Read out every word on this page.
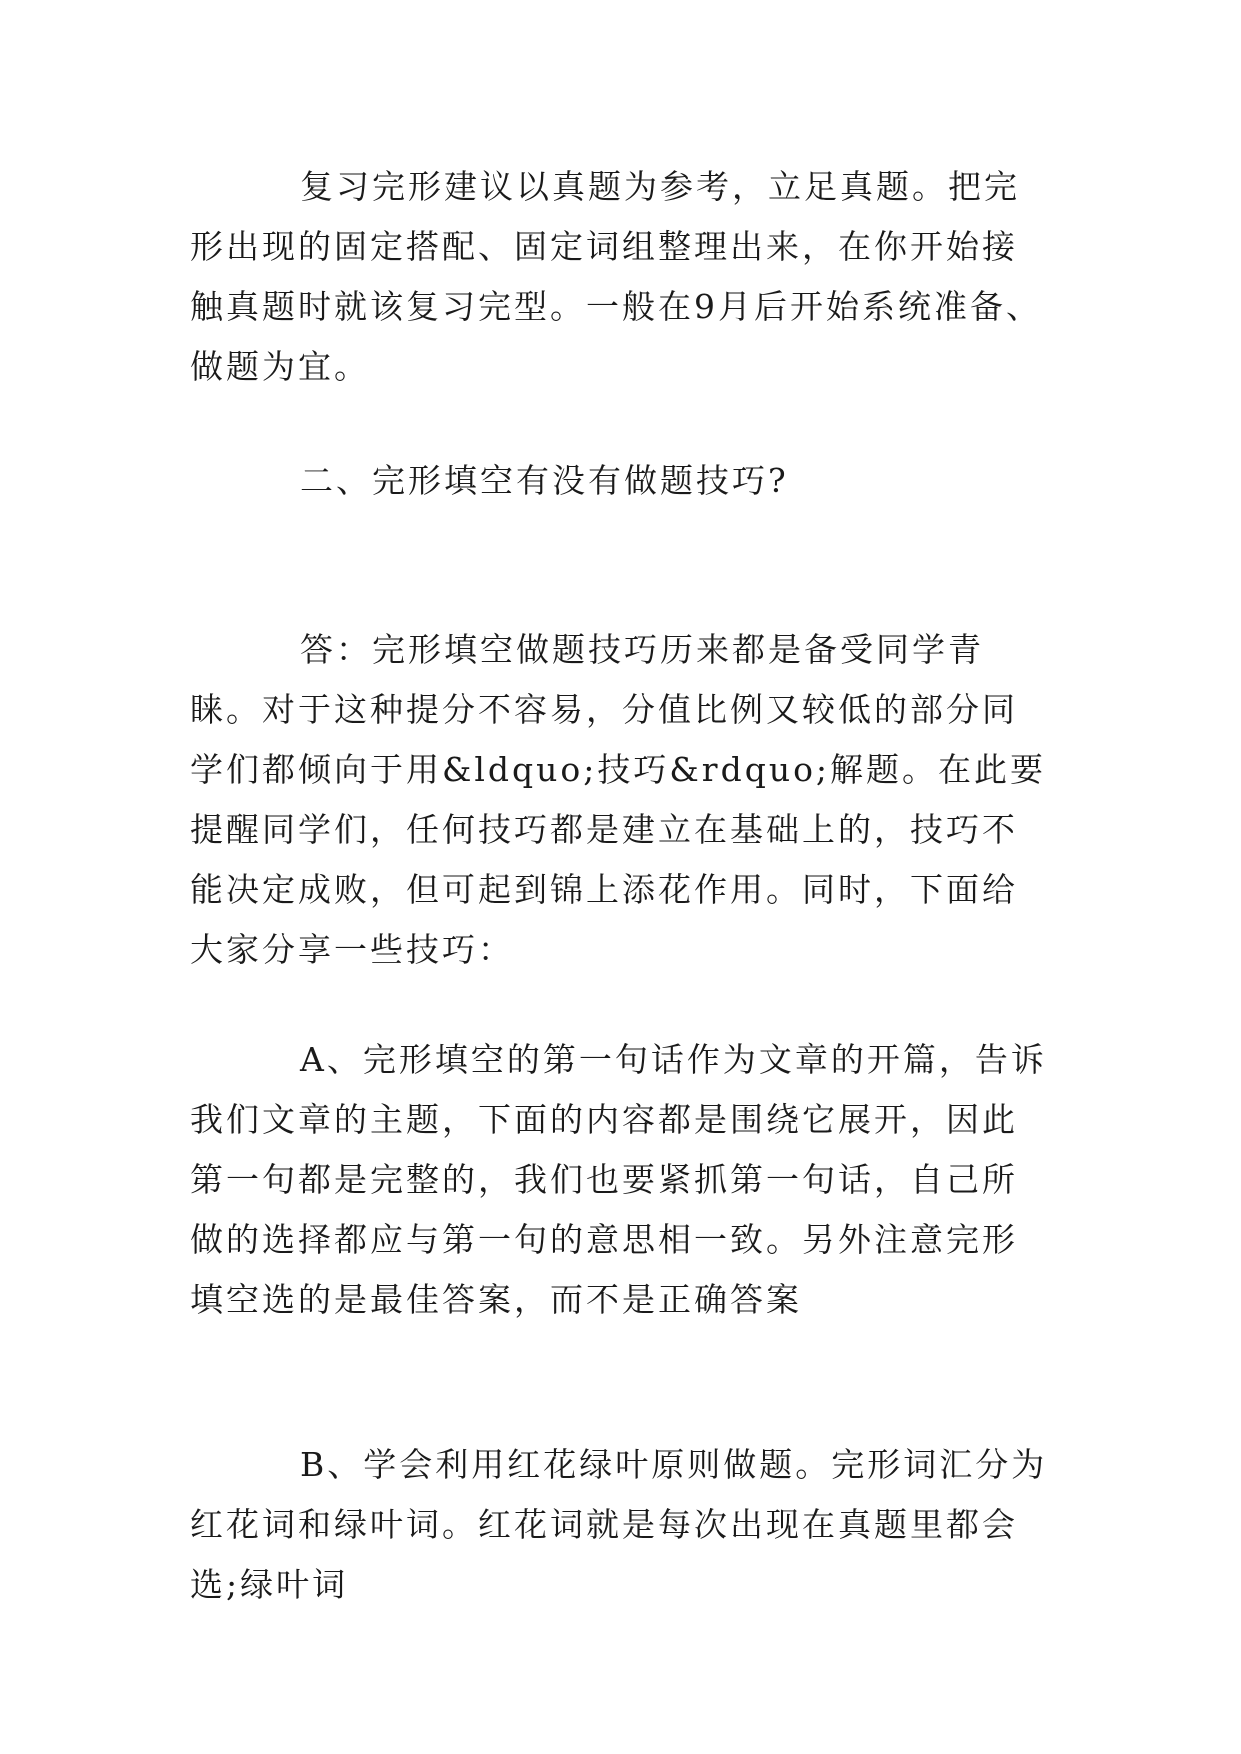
复习完形建议以真题为参考，立足真题。把完形出现的固定搭配、固定词组整理出来，在你开始接触真题时就该复习完型。一般在9月后开始系统准备、做题为宜。

二、完形填空有没有做题技巧?

答：完形填空做题技巧历来都是备受同学青睐。对于这种提分不容易，分值比例又较低的部分同学们都倾向于用&ldquo;技巧&rdquo;解题。在此要提醒同学们，任何技巧都是建立在基础上的，技巧不能决定成败，但可起到锦上添花作用。同时，下面给大家分享一些技巧：

A、完形填空的第一句话作为文章的开篇，告诉我们文章的主题，下面的内容都是围绕它展开，因此第一句都是完整的，我们也要紧抓第一句话，自己所做的选择都应与第一句的意思相一致。另外注意完形填空选的是最佳答案，而不是正确答案

B、学会利用红花绿叶原则做题。完形词汇分为红花词和绿叶词。红花词就是每次出现在真题里都会选;绿叶词
